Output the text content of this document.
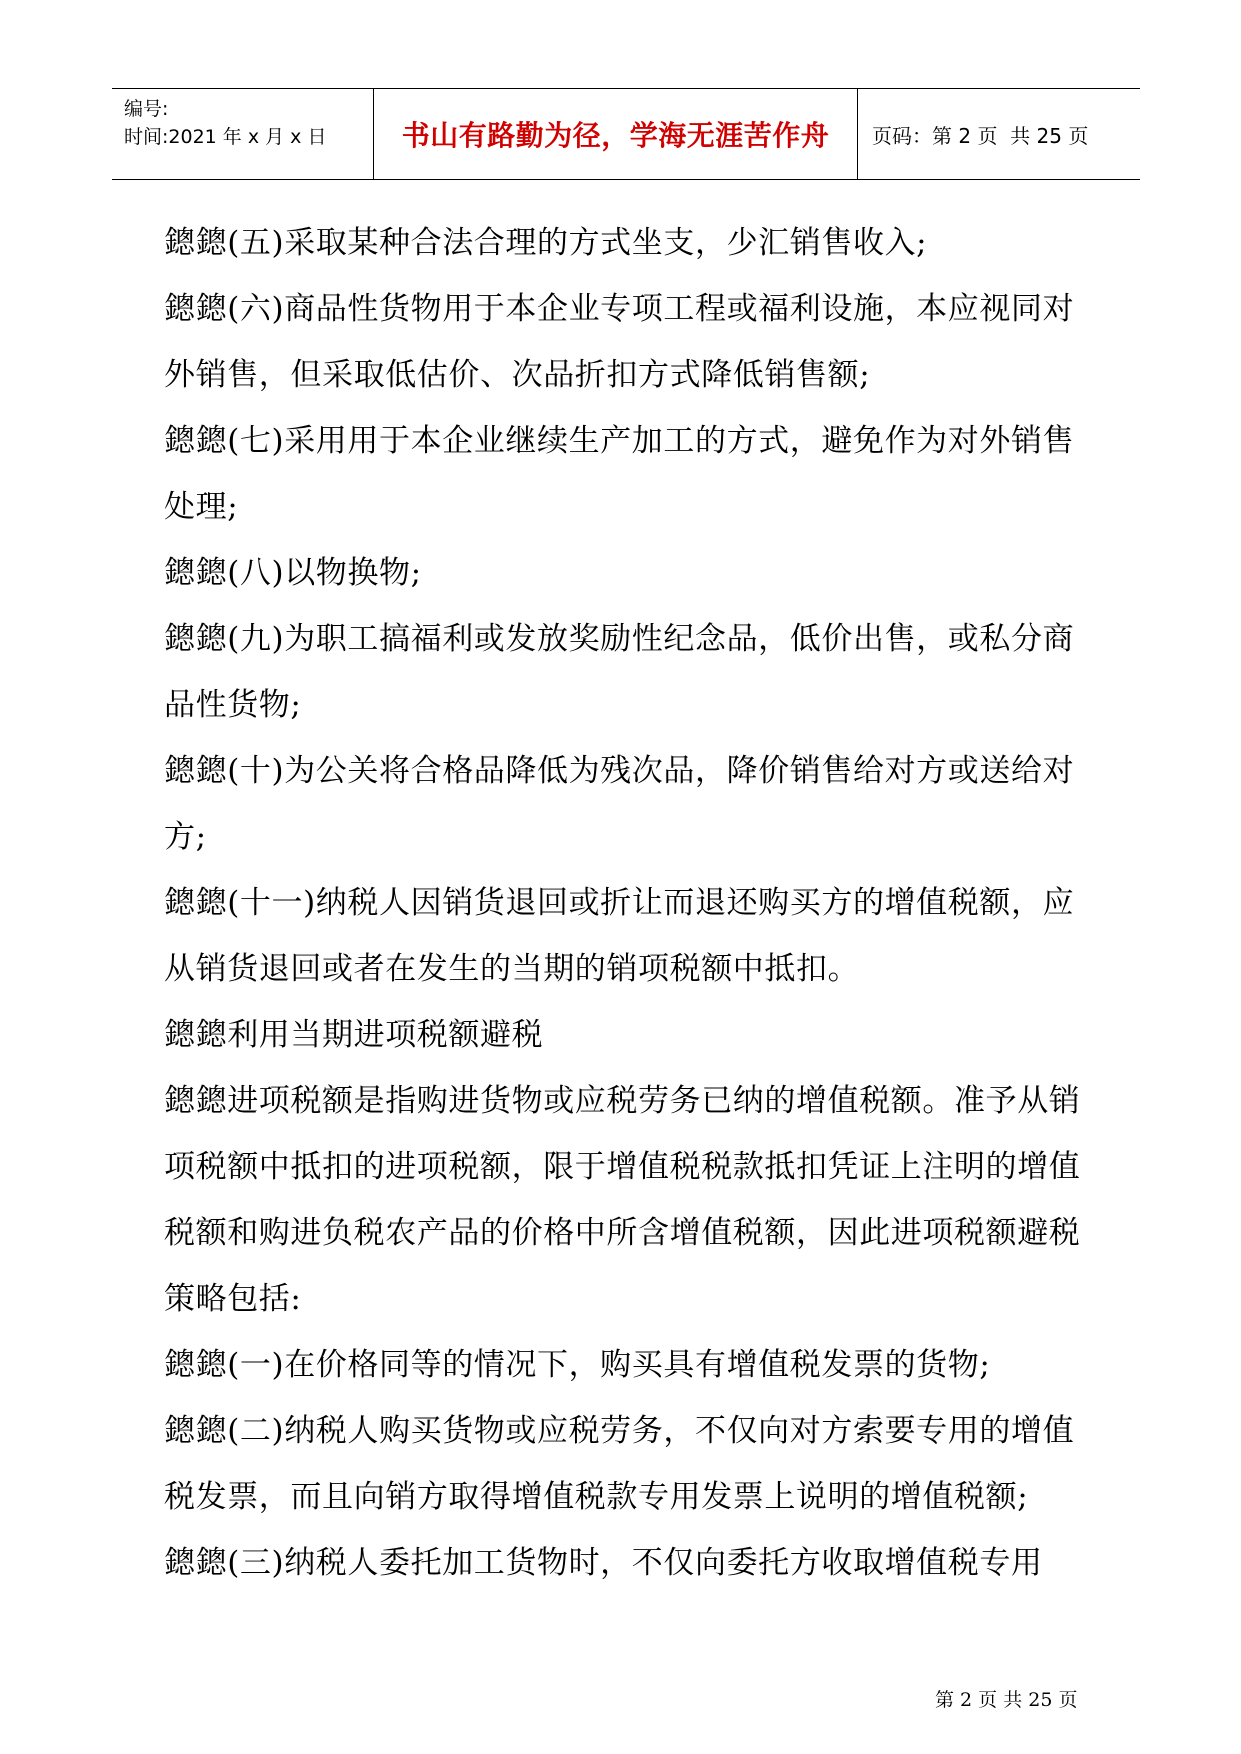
编号:
时间:2021 年 x 月 x 日	书山有路勤为径，学海无涯苦作舟	页码：第 2 页  共 25 页

鏓鏓(五)采取某种合法合理的方式坐支，少汇销售收入;

鏓鏓(六)商品性货物用于本企业专项工程或福利设施，本应视同对外销售，但采取低估价、次品折扣方式降低销售额;

鏓鏓(七)采用用于本企业继续生产加工的方式，避免作为对外销售处理;

鏓鏓(八)以物换物;

鏓鏓(九)为职工搞福利或发放奖励性纪念品，低价出售，或私分商品性货物;

鏓鏓(十)为公关将合格品降低为残次品，降价销售给对方或送给对方;

鏓鏓(十一)纳税人因销货退回或折让而退还购买方的增值税额，应从销货退回或者在发生的当期的销项税额中抵扣。

鏓鏓利用当期进项税额避税

鏓鏓进项税额是指购进货物或应税劳务已纳的增值税额。准予从销项税额中抵扣的进项税额，限于增值税税款抵扣凭证上注明的增值税额和购进负税农产品的价格中所含增值税额，因此进项税额避税策略包括:

鏓鏓(一)在价格同等的情况下，购买具有增值税发票的货物;

鏓鏓(二)纳税人购买货物或应税劳务，不仅向对方索要专用的增值税发票，而且向销方取得增值税款专用发票上说明的增值税额;

鏓鏓(三)纳税人委托加工货物时，不仅向委托方收取增值税专用

第 2 页 共 25 页
